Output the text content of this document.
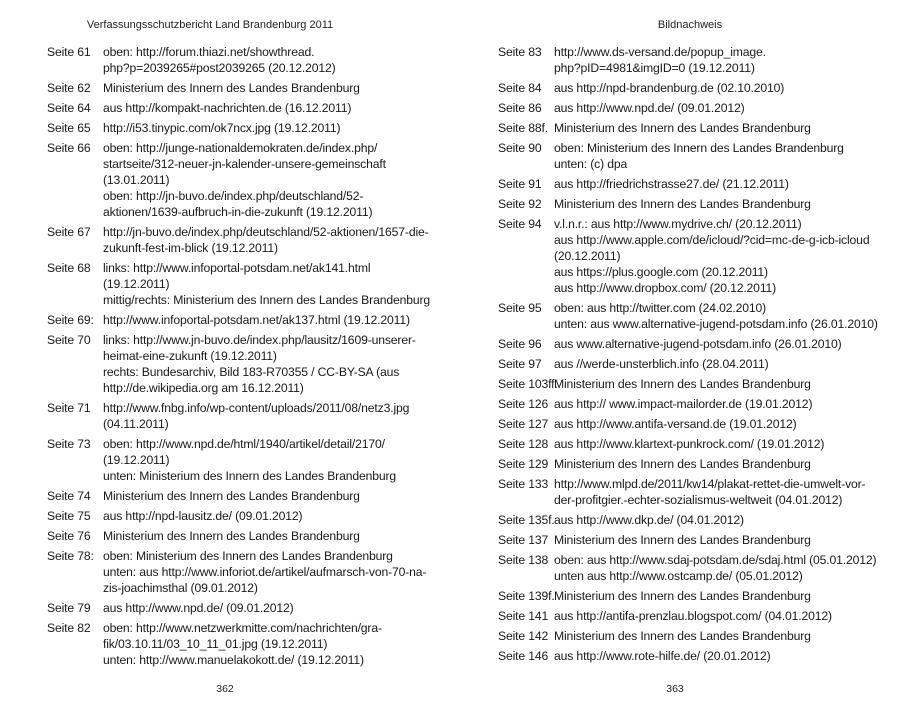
Verfassungsschutzbericht Land Brandenburg 2011
Seite 61	oben: http://forum.thiazi.net/showthread.
php?p=2039265#post2039265 (20.12.2012)
Seite 62	Ministerium des Innern des Landes Brandenburg
Seite 64	aus http://kompakt-nachrichten.de (16.12.2011)
Seite 65	http://i53.tinypic.com/ok7ncx.jpg (19.12.2011)
Seite 66	oben: http://junge-nationaldemokraten.de/index.php/
startseite/312-neuer-jn-kalender-unsere-gemeinschaft
(13.01.2011)
oben: http://jn-buvo.de/index.php/deutschland/52-
aktionen/1639-aufbruch-in-die-zukunft (19.12.2011)
Seite 67	http://jn-buvo.de/index.php/deutschland/52-aktionen/1657-die-
zukunft-fest-im-blick (19.12.2011)
Seite 68	links: http://www.infoportal-potsdam.net/ak141.html
(19.12.2011)
mittig/rechts: Ministerium des Innern des Landes Brandenburg
Seite 69: http://www.infoportal-potsdam.net/ak137.html (19.12.2011)
Seite 70	links: http://www.jn-buvo.de/index.php/lausitz/1609-unserer-
heimat-eine-zukunft (19.12.2011)
rechts: Bundesarchiv, Bild 183-R70355 / CC-BY-SA (aus
http://de.wikipedia.org am 16.12.2011)
Seite 71	http://www.fnbg.info/wp-content/uploads/2011/08/netz3.jpg
(04.11.2011)
Seite 73	oben: http://www.npd.de/html/1940/artikel/detail/2170/
(19.12.2011)
unten: Ministerium des Innern des Landes Brandenburg
Seite 74	Ministerium des Innern des Landes Brandenburg
Seite 75	aus http://npd-lausitz.de/ (09.01.2012)
Seite 76	Ministerium des Innern des Landes Brandenburg
Seite 78: oben: Ministerium des Innern des Landes Brandenburg
unten: aus http://www.inforiot.de/artikel/aufmarsch-von-70-na-
zis-joachimsthal (09.01.2012)
Seite 79	aus http://www.npd.de/ (09.01.2012)
Seite 82	oben: http://www.netzwerkmitte.com/nachrichten/gra-
fik/03.10.11/03_10_11_01.jpg (19.12.2011)
unten: http://www.manuelakokott.de/ (19.12.2011)
362
Bildnachweis
Seite 83	http://www.ds-versand.de/popup_image.
php?pID=4981&imgID=0 (19.12.2011)
Seite 84	aus http://npd-brandenburg.de (02.10.2010)
Seite 86	aus http://www.npd.de/ (09.01.2012)
Seite 88f. Ministerium des Innern des Landes Brandenburg
Seite 90	oben: Ministerium des Innern des Landes Brandenburg
unten: (c) dpa
Seite 91	aus http://friedrichstrasse27.de/ (21.12.2011)
Seite 92	Ministerium des Innern des Landes Brandenburg
Seite 94	v.l.n.r.: aus http://www.mydrive.ch/ (20.12.2011)
aus http://www.apple.com/de/icloud/?cid=mc-de-g-icb-icloud
(20.12.2011)
aus https://plus.google.com (20.12.2011)
aus http://www.dropbox.com/ (20.12.2011)
Seite 95	oben: aus http://twitter.com (24.02.2010)
unten: aus www.alternative-jugend-potsdam.info (26.01.2010)
Seite 96	aus www.alternative-jugend-potsdam.info (26.01.2010)
Seite 97	aus //werde-unsterblich.info (28.04.2011)
Seite 103ff.
Ministerium des Innern des Landes Brandenburg
Seite 126 aus http:// www.impact-mailorder.de (19.01.2012)
Seite 127 aus http://www.antifa-versand.de (19.01.2012)
Seite 128 aus http://www.klartext-punkrock.com/ (19.01.2012)
Seite 129 Ministerium des Innern des Landes Brandenburg
Seite 133 http://www.mlpd.de/2011/kw14/plakat-rettet-die-umwelt-vor-
der-profitgier.-echter-sozialismus-weltweit (04.01.2012)
Seite 135f. aus http://www.dkp.de/ (04.01.2012)
Seite 137 Ministerium des Innern des Landes Brandenburg
Seite 138 oben: aus http://www.sdaj-potsdam.de/sdaj.html (05.01.2012)
unten aus http://www.ostcamp.de/ (05.01.2012)
Seite 139f. Ministerium des Innern des Landes Brandenburg
Seite 141 aus http://antifa-prenzlau.blogspot.com/ (04.01.2012)
Seite 142 Ministerium des Innern des Landes Brandenburg
Seite 146 aus http://www.rote-hilfe.de/ (20.01.2012)
363
